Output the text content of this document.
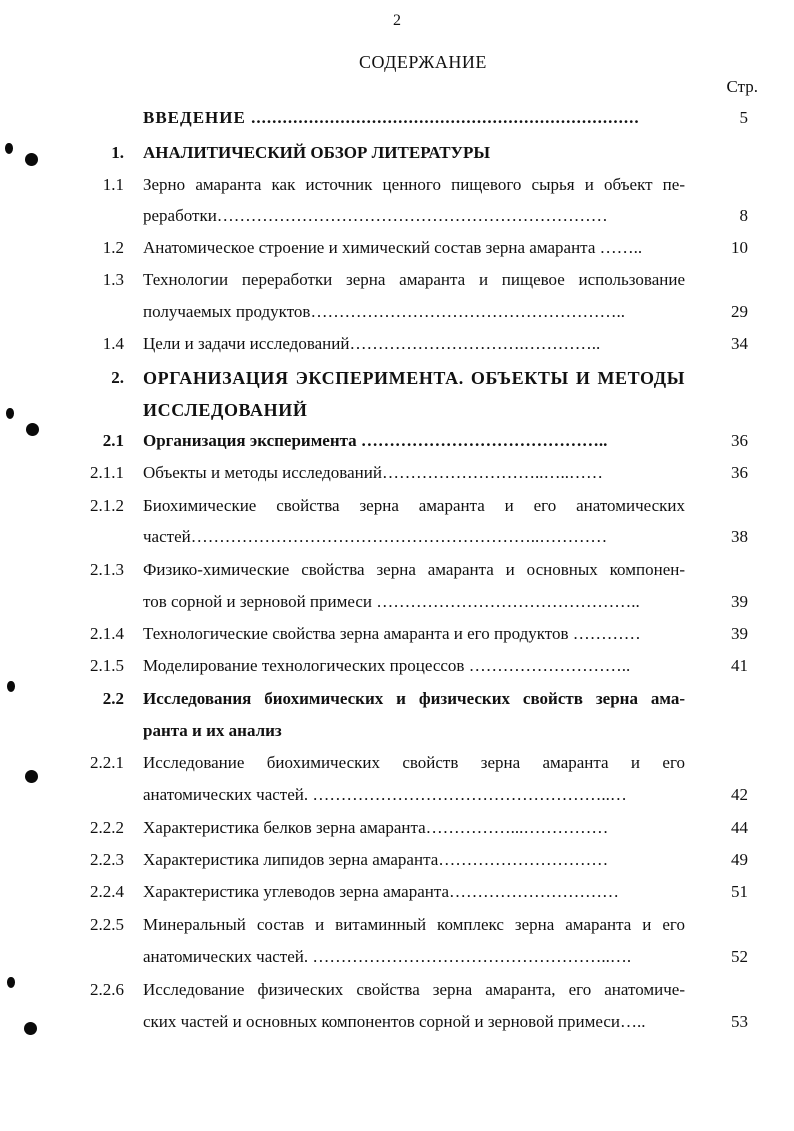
2
СОДЕРЖАНИЕ
Стр.
ВВЕДЕНИЕ ..........................................................................	5
1. АНАЛИТИЧЕСКИЙ ОБЗОР ЛИТЕРАТУРЫ
1.1 Зерно амаранта как источник ценного пищевого сырья и объект пе-
реработки……………………………………………………………	8
1.2 Анатомическое строение и химический состав зерна амаранта ……..	10
1.3 Технологии переработки зерна амаранта и пищевое использование
получаемых продуктов………………………………………………..	29
1.4 Цели и задачи исследований………………………….…………..	34
2. ОРГАНИЗАЦИЯ ЭКСПЕРИМЕНТА. ОБЪЕКТЫ И МЕТОДЫ
ИССЛЕДОВАНИЙ
2.1 Организация эксперимента ……………………………………..	36
2.1.1 Объекты и методы исследований………………………..…..……	36
2.1.2 Биохимические свойства зерна амаранта и его анатомических
частей……………………………………………………..…………	38
2.1.3 Физико-химические свойства зерна амаранта и основных компонен-
тов сорной и зерновой примеси ………………………………………..	39
2.1.4 Технологические свойства зерна амаранта и его продуктов …………	39
2.1.5 Моделирование технологических процессов ………………………..	41
2.2 Исследования биохимических и физических свойств зерна ама-
ранта и их анализ
2.2.1 Исследование биохимических свойств зерна амаранта и его
анатомических частей. ……………………………………………..…	42
2.2.2 Характеристика белков зерна амаранта……………...……………	44
2.2.3 Характеристика липидов зерна амаранта…………………………	49
2.2.4 Характеристика углеводов зерна амаранта…………………………	51
2.2.5 Минеральный состав и витаминный комплекс зерна амаранта и его
анатомических частей. ……………………………………………..….	52
2.2.6 Исследование физических свойства зерна амаранта, его анатомиче-
ских частей и основных компонентов сорной и зерновой примеси…..	53
